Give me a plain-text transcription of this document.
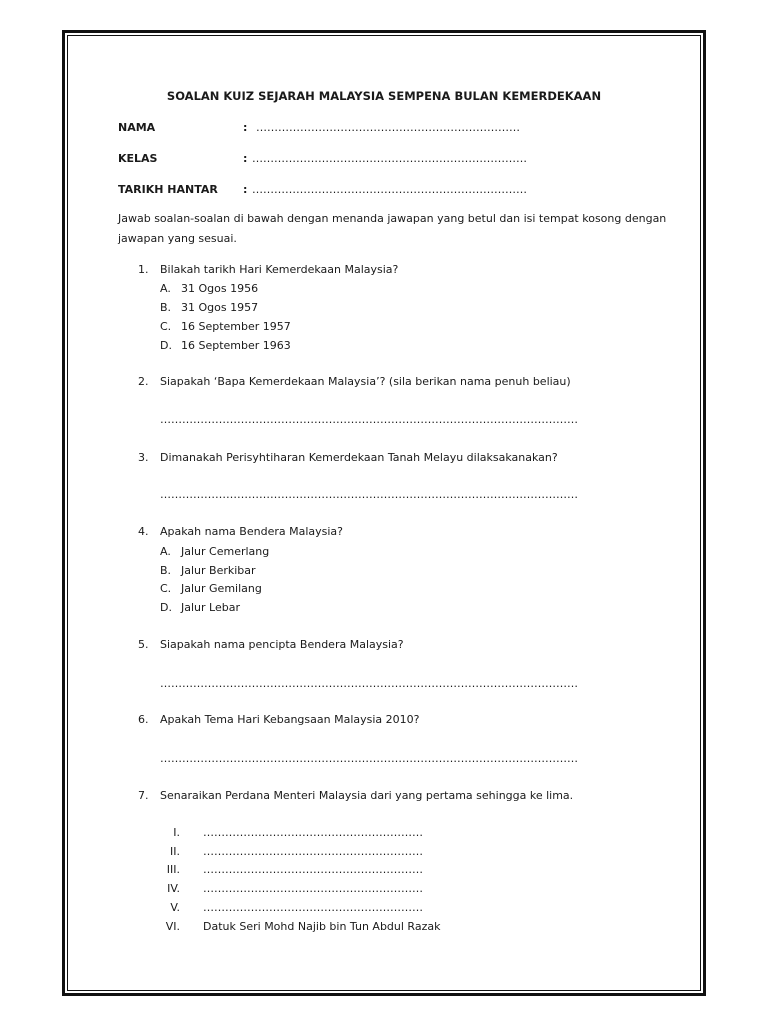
SOALAN KUIZ SEJARAH MALAYSIA SEMPENA BULAN KEMERDEKAAN
NAMA	: ………………………………………………………………
KELAS	: …………………………………………………………………
TARIKH HANTAR : …………………………………………………………………
Jawab soalan-soalan di bawah dengan menanda jawapan yang betul dan isi tempat kosong dengan
jawapan yang sesuai.
1. Bilakah tarikh Hari Kemerdekaan Malaysia?
A. 31 Ogos 1956
B. 31 Ogos 1957
C. 16 September 1957
D. 16 September 1963
2. Siapakah ‘Bapa Kemerdekaan Malaysia’? (sila berikan nama penuh beliau)
……………………………………………………………………………………………………
3. Dimanakah Perisyhtiharan Kemerdekaan Tanah Melayu dilaksakanakan?
……………………………………………………………………………………………………
4. Apakah nama Bendera Malaysia?
A. Jalur Cemerlang
B. Jalur Berkibar
C. Jalur Gemilang
D. Jalur Lebar
5. Siapakah nama pencipta Bendera Malaysia?
……………………………………………………………………………………………………
6. Apakah Tema Hari Kebangsaan Malaysia 2010?
……………………………………………………………………………………………………
7. Senaraikan Perdana Menteri Malaysia dari yang pertama sehingga ke lima.
I. ……………………………………………………
II. ……………………………………………………
III. ……………………………………………………
IV. ……………………………………………………
V. ……………………………………………………
VI. Datuk Seri Mohd Najib bin Tun Abdul Razak
